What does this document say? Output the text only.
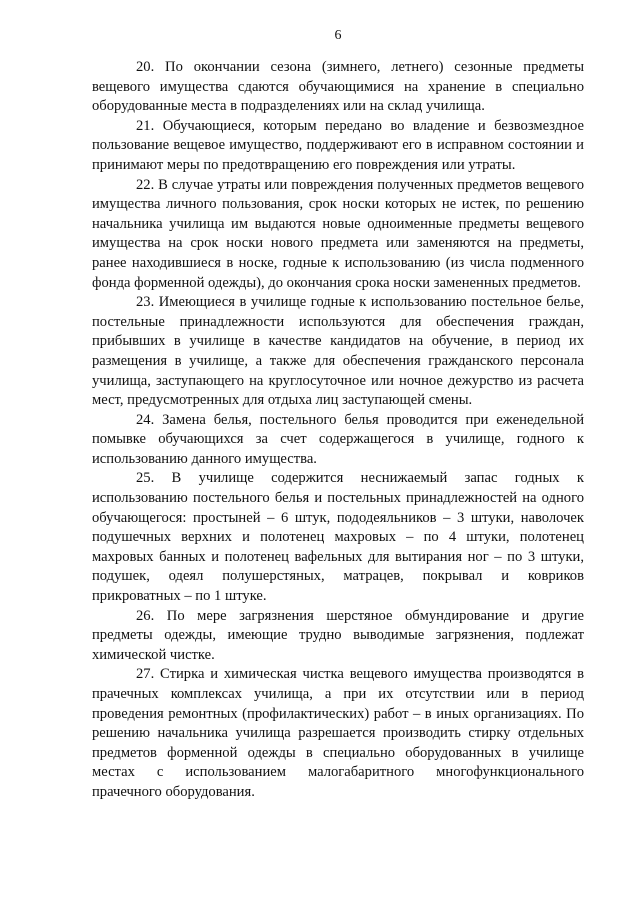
6

20. По окончании сезона (зимнего, летнего) сезонные предметы вещевого имущества сдаются обучающимися на хранение в специально оборудованные места в подразделениях или на склад училища.

21. Обучающиеся, которым передано во владение и безвозмездное пользование вещевое имущество, поддерживают его в исправном состоянии и принимают меры по предотвращению его повреждения или утраты.

22. В случае утраты или повреждения полученных предметов вещевого имущества личного пользования, срок носки которых не истек, по решению начальника училища им выдаются новые одноименные предметы вещевого имущества на срок носки нового предмета или заменяются на предметы, ранее находившиеся в носке, годные к использованию (из числа подменного фонда форменной одежды), до окончания срока носки замененных предметов.

23. Имеющиеся в училище годные к использованию постельное белье, постельные принадлежности используются для обеспечения граждан, прибывших в училище в качестве кандидатов на обучение, в период их размещения в училище, а также для обеспечения гражданского персонала училища, заступающего на круглосуточное или ночное дежурство из расчета мест, предусмотренных для отдыха лиц заступающей смены.

24. Замена белья, постельного белья проводится при еженедельной помывке обучающихся за счет содержащегося в училище, годного к использованию данного имущества.

25. В училище содержится неснижаемый запас годных к использованию постельного белья и постельных принадлежностей на одного обучающегося: простыней – 6 штук, пододеяльников – 3 штуки, наволочек подушечных верхних и полотенец махровых – по 4 штуки, полотенец махровых банных и полотенец вафельных для вытирания ног – по 3 штуки, подушек, одеял полушерстяных, матрацев, покрывал и ковриков прикроватных – по 1 штуке.

26. По мере загрязнения шерстяное обмундирование и другие предметы одежды, имеющие трудно выводимые загрязнения, подлежат химической чистке.

27. Стирка и химическая чистка вещевого имущества производятся в прачечных комплексах училища, а при их отсутствии или в период проведения ремонтных (профилактических) работ – в иных организациях. По решению начальника училища разрешается производить стирку отдельных предметов форменной одежды в специально оборудованных в училище местах с использованием малогабаритного многофункционального прачечного оборудования.
